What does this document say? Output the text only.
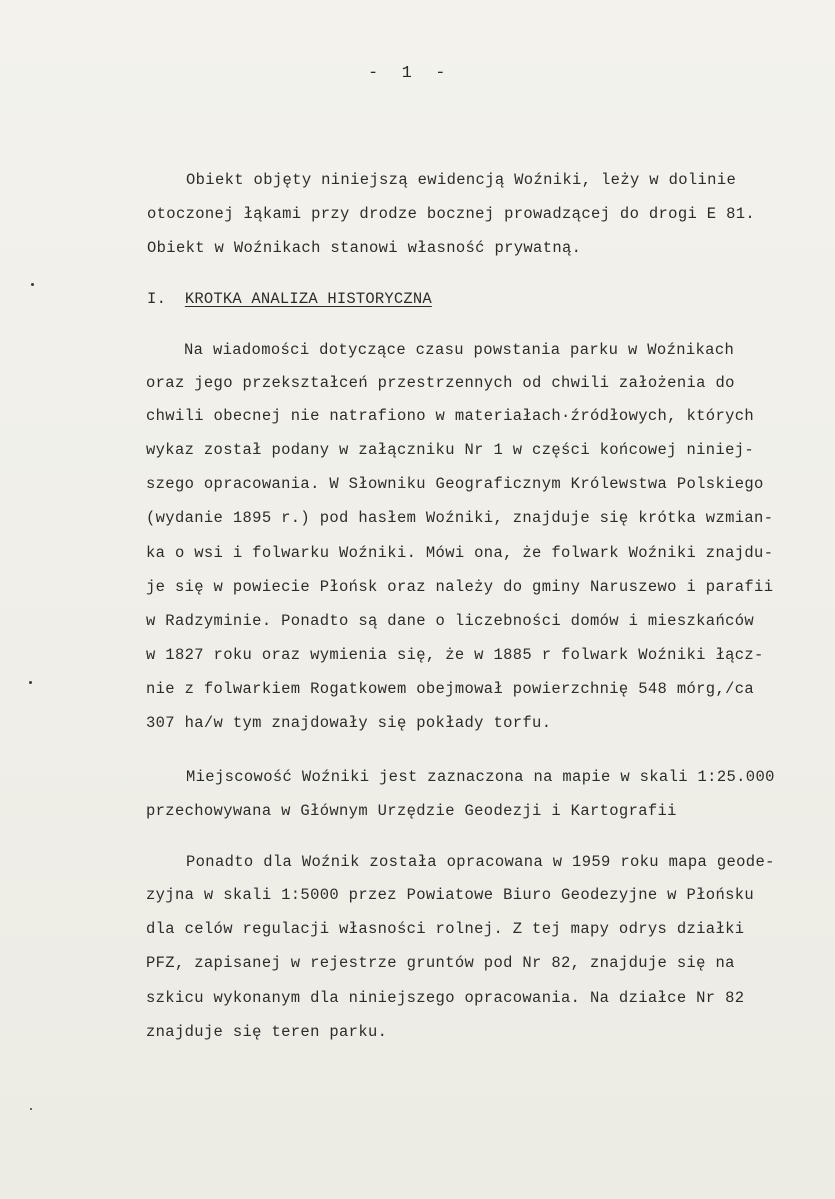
-  1  -
Obiekt objęty niniejszą ewidencją Woźniki, leży w dolinie
otoczonej łąkami przy drodze bocznej prowadzącej do drogi E 81.
Obiekt w Woźnikach stanowi własność prywatną.
I. KROTKA ANALIZA HISTORYCZNA
Na wiadomości dotyczące czasu powstania parku w Woźnikach
oraz jego przekształceń przestrzennych od chwili założenia do
chwili obecnej nie natrafiono w materiałach·źródłowych, których
wykaz został podany w załączniku Nr 1 w części końcowej niniej-
szego opracowania. W Słowniku Geograficznym Królewstwa Polskiego
(wydanie 1895 r.) pod hasłem Woźniki, znajduje się krótka wzmian-
ka o wsi i folwarku Woźniki. Mówi ona, że folwark Woźniki znajdu-
je się w powiecie Płońsk oraz należy do gminy Naruszewo i parafii
w Radzyminie. Ponadto są dane o liczebności domów i mieszkańców
w 1827 roku oraz wymienia się, że w 1885 r folwark Woźniki łącz-
nie z folwarkiem Rogatkowem obejmował powierzchnię 548 mórg,/ca
307 ha/w tym znajdowały się pokłady torfu.
Miejscowość Woźniki jest zaznaczona na mapie w skali 1:25.000
przechowywana w Głównym Urzędzie Geodezji i Kartografii
Ponadto dla Woźnik została opracowana w 1959 roku mapa geode-
zyjna w skali 1:5000 przez Powiatowe Biuro Geodezyjne w Płońsku
dla celów regulacji własności rolnej. Z tej mapy odrys działki
PFZ, zapisanej w rejestrze gruntów pod Nr 82, znajduje się na
szkicu wykonanym dla niniejszego opracowania. Na działce Nr 82
znajduje się teren parku.
